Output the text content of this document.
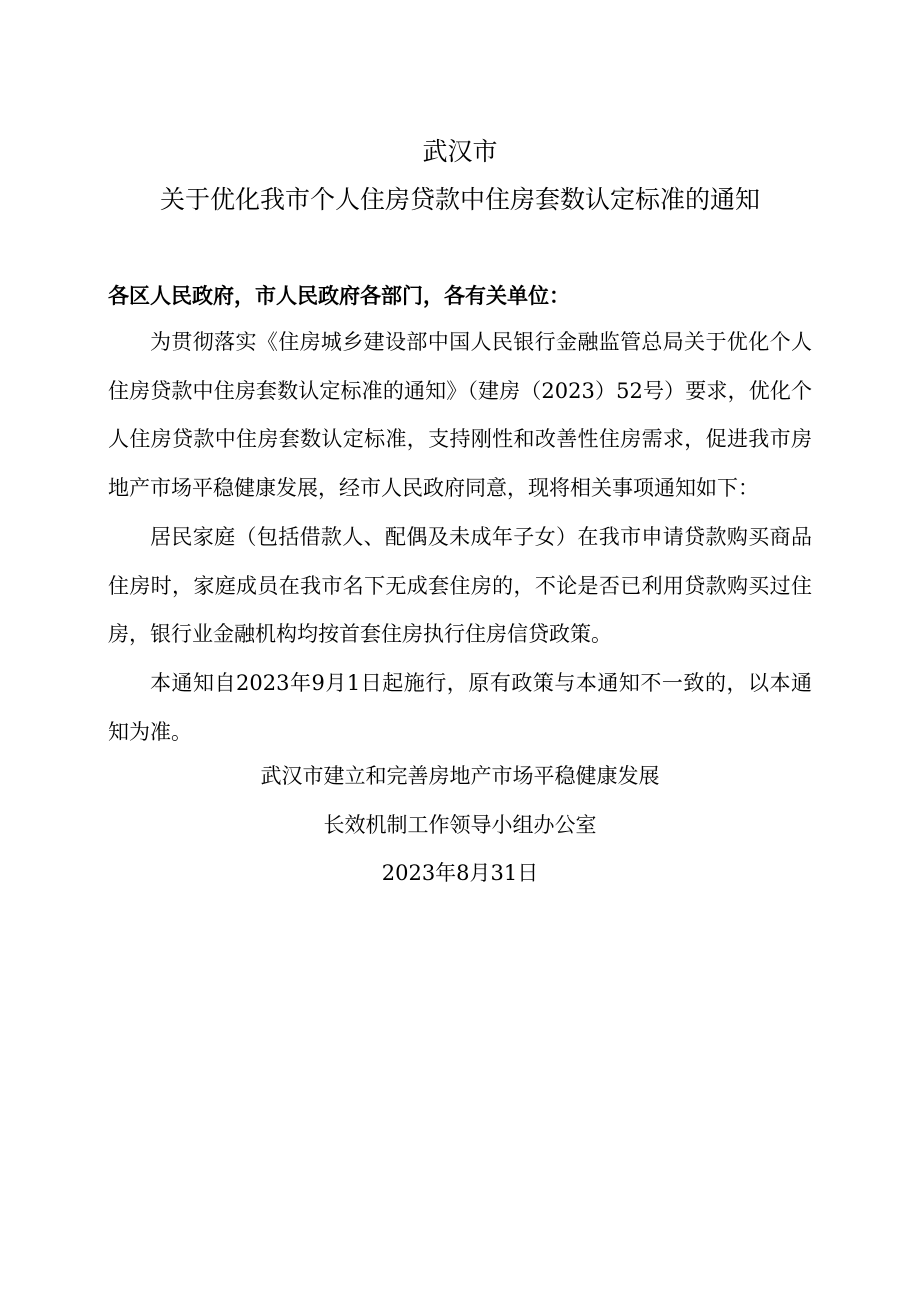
武汉市
关于优化我市个人住房贷款中住房套数认定标准的通知
各区人民政府，市人民政府各部门，各有关单位：
为贯彻落实《住房城乡建设部中国人民银行金融监管总局关于优化个人住房贷款中住房套数认定标准的通知》（建房（2023）52号）要求，优化个人住房贷款中住房套数认定标准，支持刚性和改善性住房需求，促进我市房地产市场平稳健康发展，经市人民政府同意，现将相关事项通知如下：
居民家庭（包括借款人、配偶及未成年子女）在我市申请贷款购买商品住房时，家庭成员在我市名下无成套住房的，不论是否已利用贷款购买过住房，银行业金融机构均按首套住房执行住房信贷政策。
本通知自2023年9月1日起施行，原有政策与本通知不一致的，以本通知为准。
武汉市建立和完善房地产市场平稳健康发展
长效机制工作领导小组办公室
2023年8月31日
